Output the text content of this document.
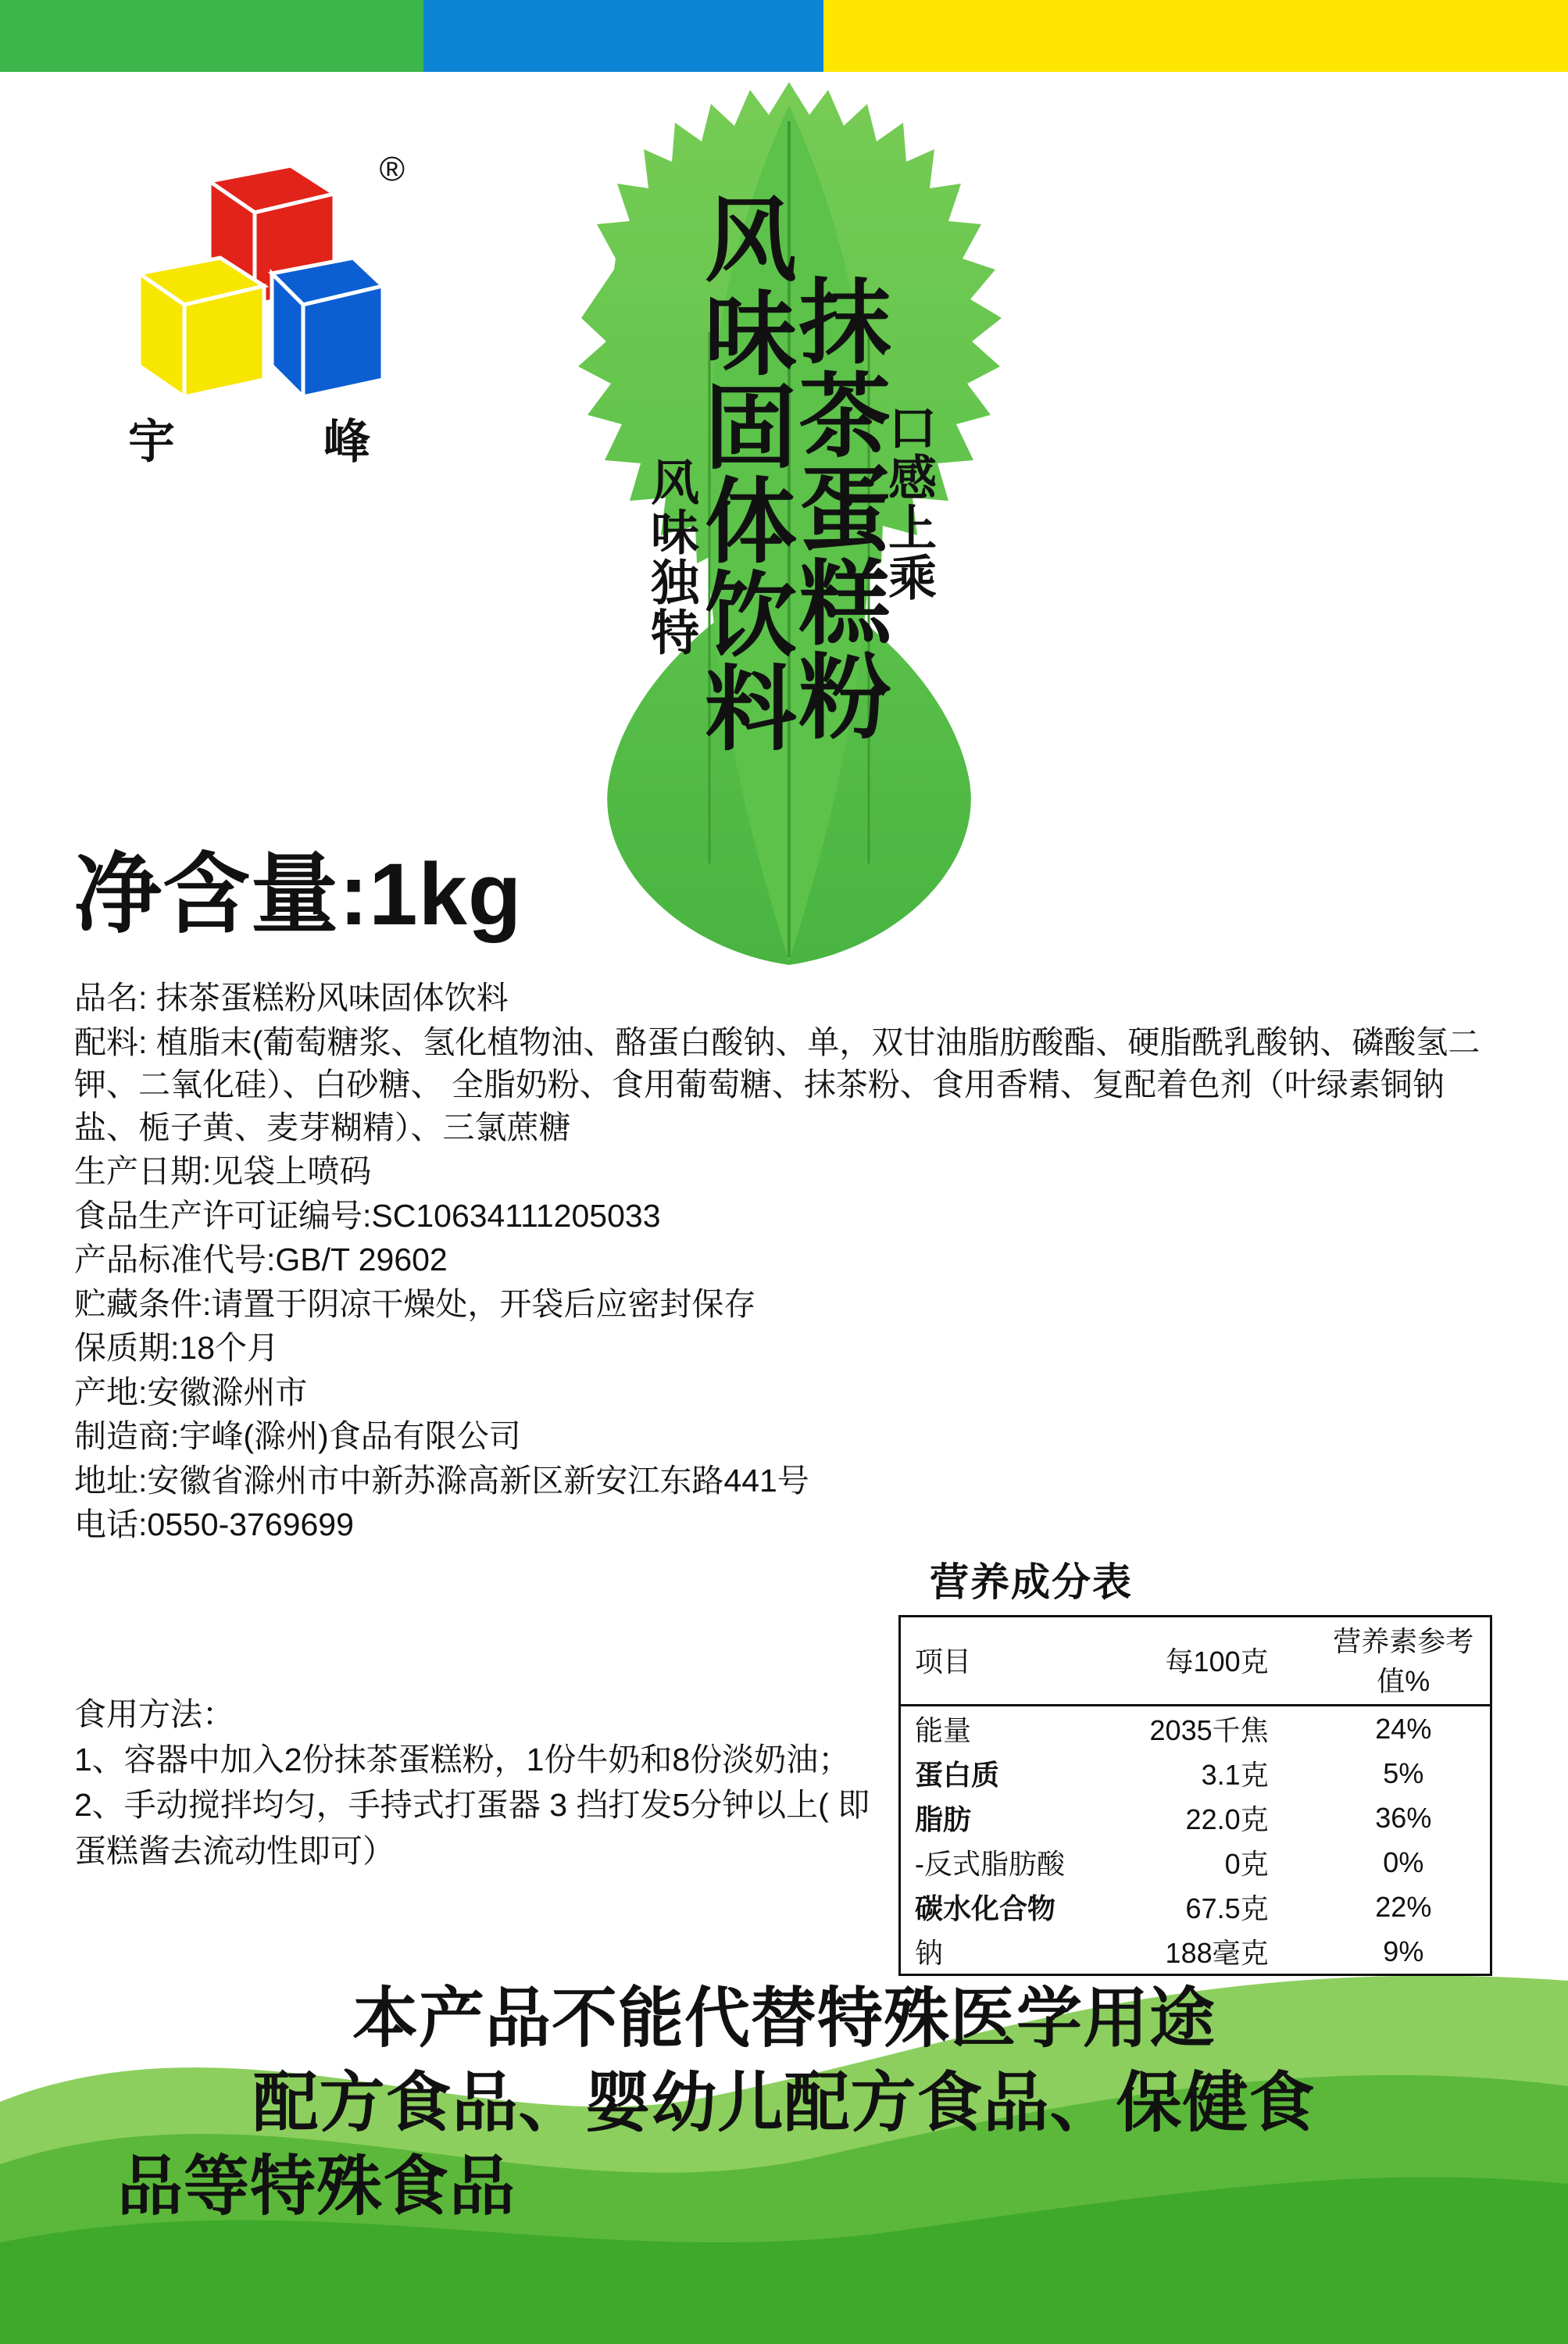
®
宇	峰	口感上乘
抹茶蛋糕粉
风味固体饮料
风味独特
净含量:1kg
品名: 抹茶蛋糕粉风味固体饮料
配料: 植脂末(葡萄糖浆、氢化植物油、酪蛋白酸钠、单，双甘油脂肪酸酯、硬脂酰乳酸钠、磷酸氢二钾、二氧化硅）、白砂糖、 全脂奶粉、食用葡萄糖、抹茶粉、食用香精、复配着色剂（叶绿素铜钠盐、栀子黄、麦芽糊精）、三氯蔗糖
生产日期:见袋上喷码
食品生产许可证编号:SC10634111205033
产品标准代号:GB/T 29602
贮藏条件:请置于阴凉干燥处，开袋后应密封保存
保质期:18个月
产地:安徽滁州市
制造商:宇峰(滁州)食品有限公司
地址:安徽省滁州市中新苏滁高新区新安江东路441号
电话:0550-3769699
食用方法：
1、容器中加入2份抹茶蛋糕粉，1份牛奶和8份淡奶油；
2、手动搅拌均匀，手持式打蛋器 3 挡打发5分钟以上( 即蛋糕酱去流动性即可）
营养成分表
项目	每100克	营养素参考值%
能量	2035千焦	24%
蛋白质	3.1克	5%
脂肪	22.0克	36%
-反式脂肪酸	0克	0%
碳水化合物	67.5克	22%
钠	188毫克	9%
本产品不能代替特殊医学用途
配方食品、婴幼儿配方食品、保健食
品等特殊食品
